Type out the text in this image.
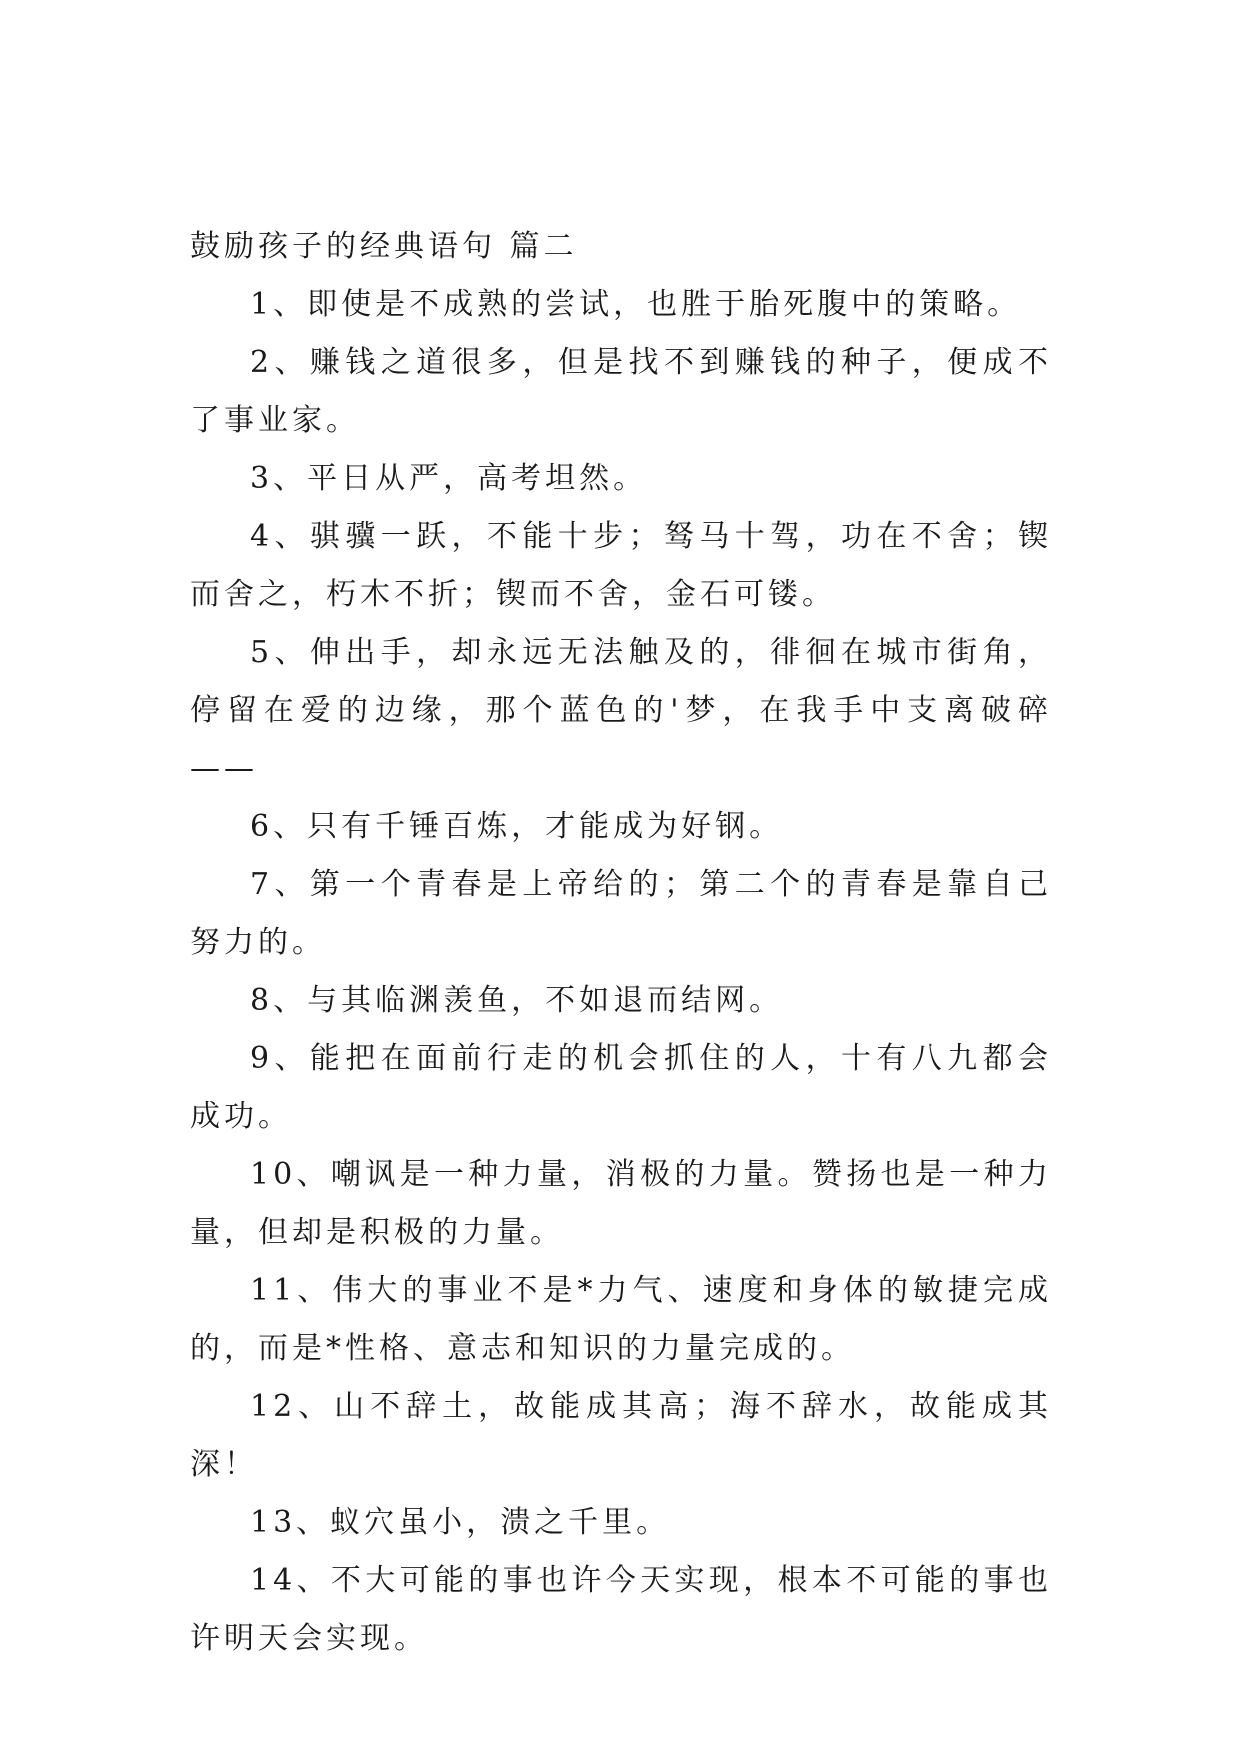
鼓励孩子的经典语句 篇二

1、即使是不成熟的尝试，也胜于胎死腹中的策略。

2、赚钱之道很多，但是找不到赚钱的种子，便成不了事业家。

3、平日从严，高考坦然。

4、骐骥一跃，不能十步；驽马十驾，功在不舍；锲而舍之，朽木不折；锲而不舍，金石可镂。

5、伸出手，却永远无法触及的，徘徊在城市街角，停留在爱的边缘，那个蓝色的'梦，在我手中支离破碎——

6、只有千锤百炼，才能成为好钢。

7、第一个青春是上帝给的；第二个的青春是靠自己努力的。

8、与其临渊羡鱼，不如退而结网。

9、能把在面前行走的机会抓住的人，十有八九都会成功。

10、嘲讽是一种力量，消极的力量。赞扬也是一种力量，但却是积极的力量。

11、伟大的事业不是*力气、速度和身体的敏捷完成的，而是*性格、意志和知识的力量完成的。

12、山不辞土，故能成其高；海不辞水，故能成其深！

13、蚁穴虽小，溃之千里。

14、不大可能的事也许今天实现，根本不可能的事也许明天会实现。
